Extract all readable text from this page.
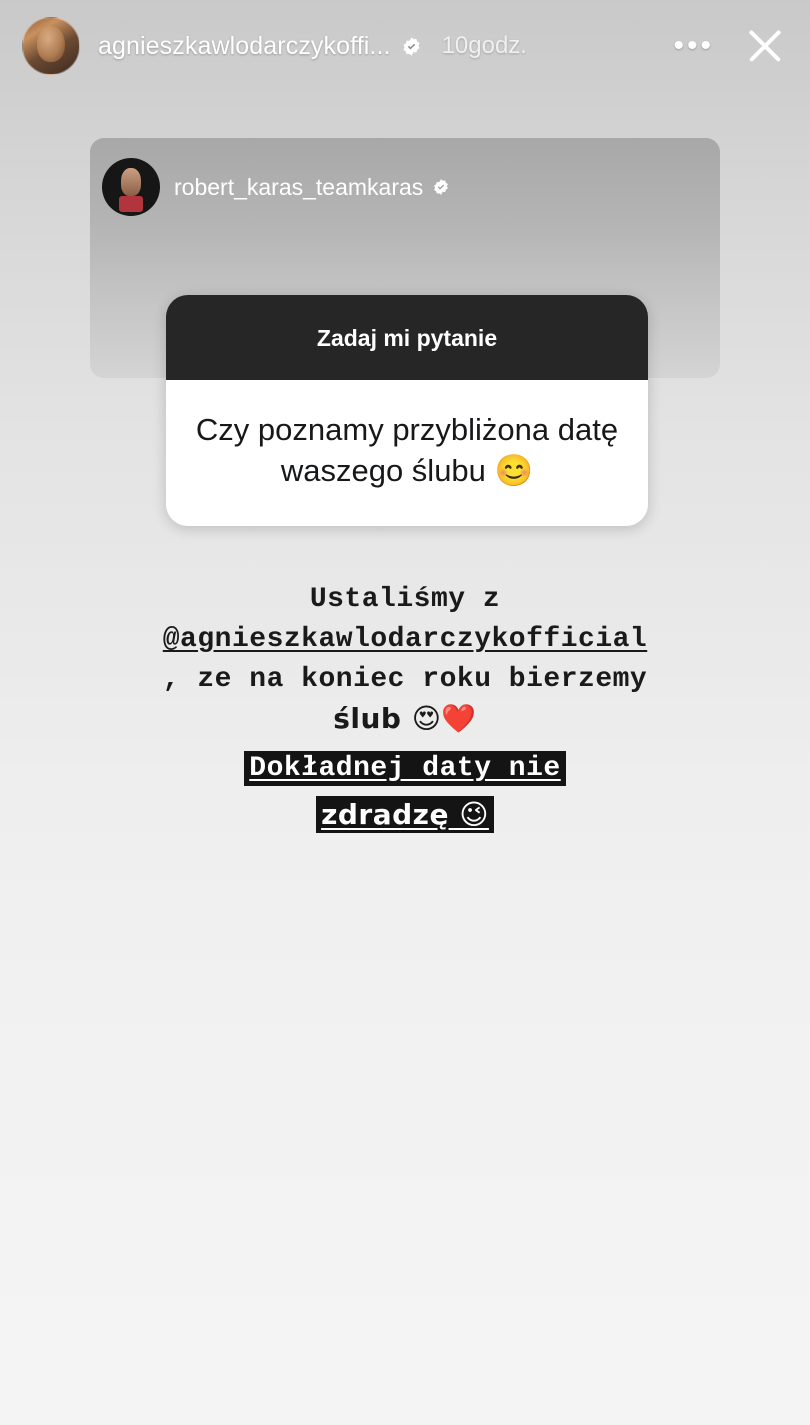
agnieszkawlodarczykoffi... 10godz.	•••
robert_karas_teamkaras
Zadaj mi pytanie
Czy poznamy przybliżona datę waszego ślubu 😊
Ustaliśmy z
@agnieszkawlodarczykofficial
, ze na koniec roku bierzemy
ślub 😍❤️
Dokładnej daty nie
zdradzę 😉
